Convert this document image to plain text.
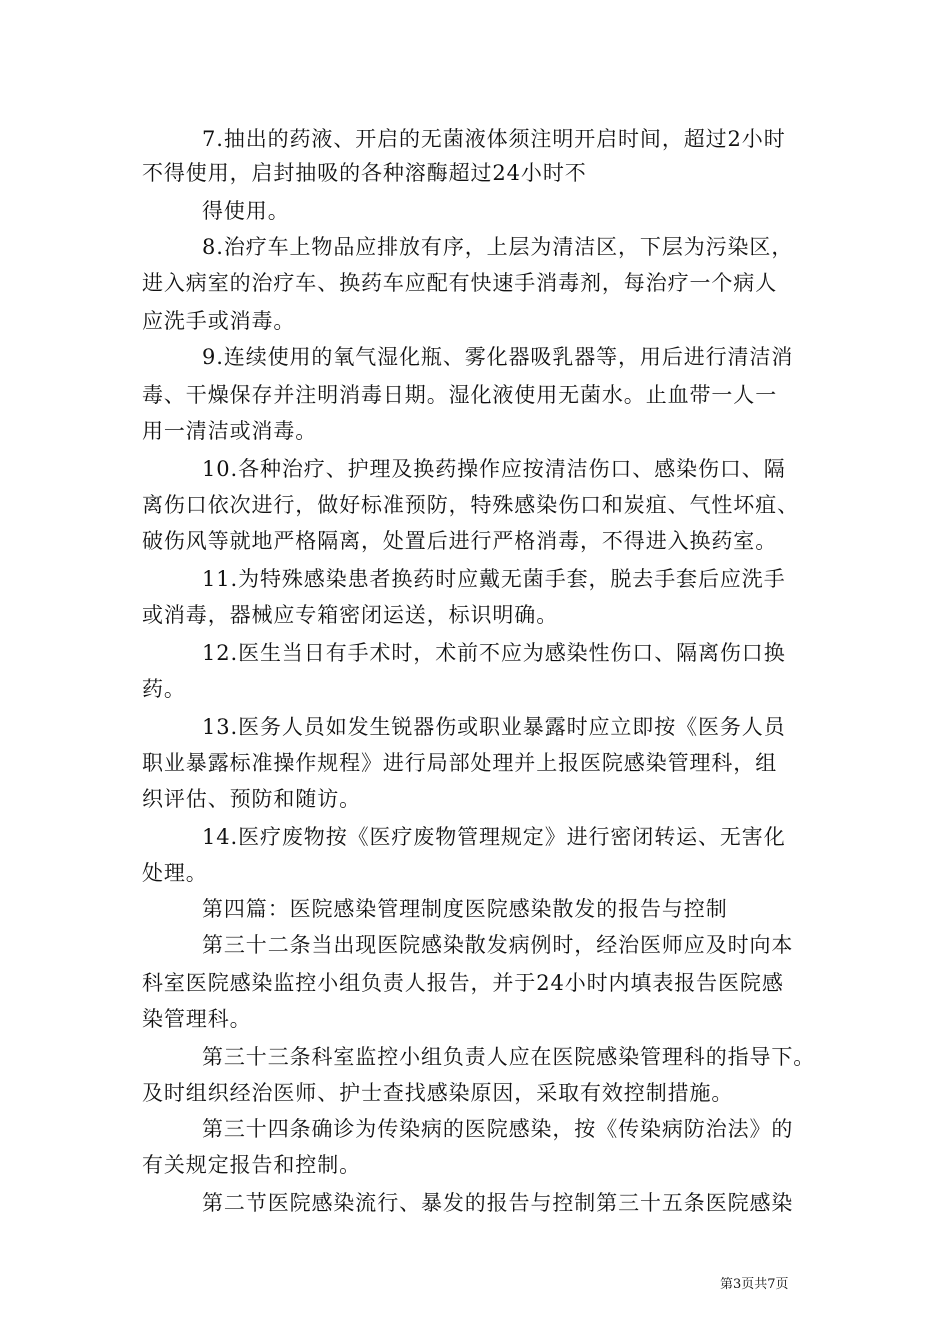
7.抽出的药液、开启的无菌液体须注明开启时间，超过2小时
不得使用，启封抽吸的各种溶酶超过24小时不
得使用。
8.治疗车上物品应排放有序，上层为清洁区，下层为污染区，
进入病室的治疗车、换药车应配有快速手消毒剂，每治疗一个病人
应洗手或消毒。
9.连续使用的氧气湿化瓶、雾化器吸乳器等，用后进行清洁消
毒、干燥保存并注明消毒日期。湿化液使用无菌水。止血带一人一
用一清洁或消毒。
10.各种治疗、护理及换药操作应按清洁伤口、感染伤口、隔
离伤口依次进行，做好标准预防，特殊感染伤口和炭疽、气性坏疽、
破伤风等就地严格隔离，处置后进行严格消毒，不得进入换药室。
11.为特殊感染患者换药时应戴无菌手套，脱去手套后应洗手
或消毒，器械应专箱密闭运送，标识明确。
12.医生当日有手术时，术前不应为感染性伤口、隔离伤口换
药。
13.医务人员如发生锐器伤或职业暴露时应立即按《医务人员
职业暴露标准操作规程》进行局部处理并上报医院感染管理科，组
织评估、预防和随访。
14.医疗废物按《医疗废物管理规定》进行密闭转运、无害化
处理。
第四篇：医院感染管理制度医院感染散发的报告与控制
第三十二条当出现医院感染散发病例时，经治医师应及时向本
科室医院感染监控小组负责人报告，并于24小时内填表报告医院感
染管理科。
第三十三条科室监控小组负责人应在医院感染管理科的指导下。
及时组织经治医师、护士查找感染原因，采取有效控制措施。
第三十四条确诊为传染病的医院感染，按《传染病防治法》的
有关规定报告和控制。
第二节医院感染流行、暴发的报告与控制第三十五条医院感染
第3页共7页
